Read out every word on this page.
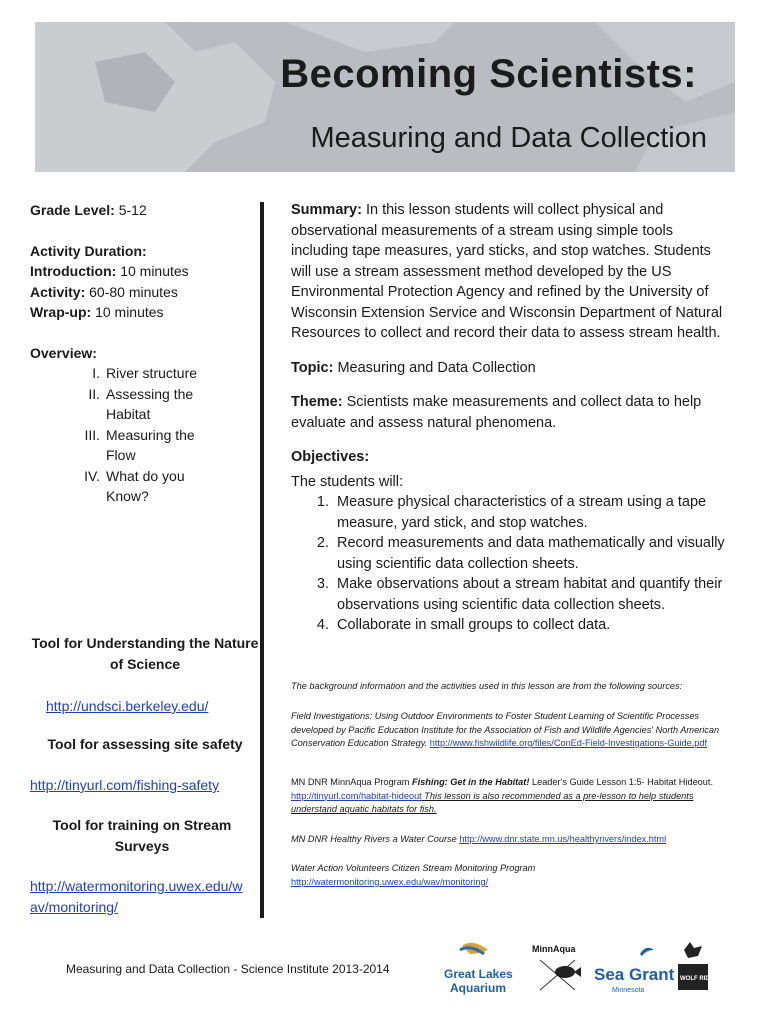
Becoming Scientists:
Measuring and Data Collection
Grade Level: 5-12
Activity Duration:
Introduction: 10 minutes
Activity: 60-80 minutes
Wrap-up: 10 minutes
Overview:
I. River structure
II. Assessing the Habitat
III. Measuring the Flow
IV. What do you Know?
Tool for Understanding the Nature of Science
http://undsci.berkeley.edu/
Tool for assessing site safety
http://tinyurl.com/fishing-safety
Tool for training on Stream Surveys
http://watermonitoring.uwex.edu/wav/monitoring/

Summary: In this lesson students will collect physical and observational measurements of a stream using simple tools including tape measures, yard sticks, and stop watches. Students will use a stream assessment method developed by the US Environmental Protection Agency and refined by the University of Wisconsin Extension Service and Wisconsin Department of Natural Resources to collect and record their data to assess stream health.

Topic: Measuring and Data Collection

Theme: Scientists make measurements and collect data to help evaluate and assess natural phenomena.

Objectives:

The students will:
1. Measure physical characteristics of a stream using a tape measure, yard stick, and stop watches.
2. Record measurements and data mathematically and visually using scientific data collection sheets.
3. Make observations about a stream habitat and quantify their observations using scientific data collection sheets.
4. Collaborate in small groups to collect data.
The background information and the activities used in this lesson are from the following sources:
Field Investigations: Using Outdoor Environments to Foster Student Learning of Scientific Processes developed by Pacific Education Institute for the Association of Fish and Wildlife Agencies' North American Conservation Education Strategy. http://www.fishwildlife.org/files/ConEd-Field-Investigations-Guide.pdf
MN DNR MinnAqua Program Fishing: Get in the Habitat! Leader's Guide Lesson 1:5- Habitat Hideout. http://tinyurl.com/habitat-hideout This lesson is also recommended as a pre-lesson to help students understand aquatic habitats for fish.
MN DNR Healthy Rivers a Water Course http://www.dnr.state.mn.us/healthyrivers/index.html
Water Action Volunteers Citizen Stream Monitoring Program
http://watermonitoring.uwex.edu/wav/monitoring/
Measuring and Data Collection - Science Institute 2013-2014	Great Lakes
Aquarium
MinnAqua
Sea Grant
Minnesota
WOLF RIDGE
